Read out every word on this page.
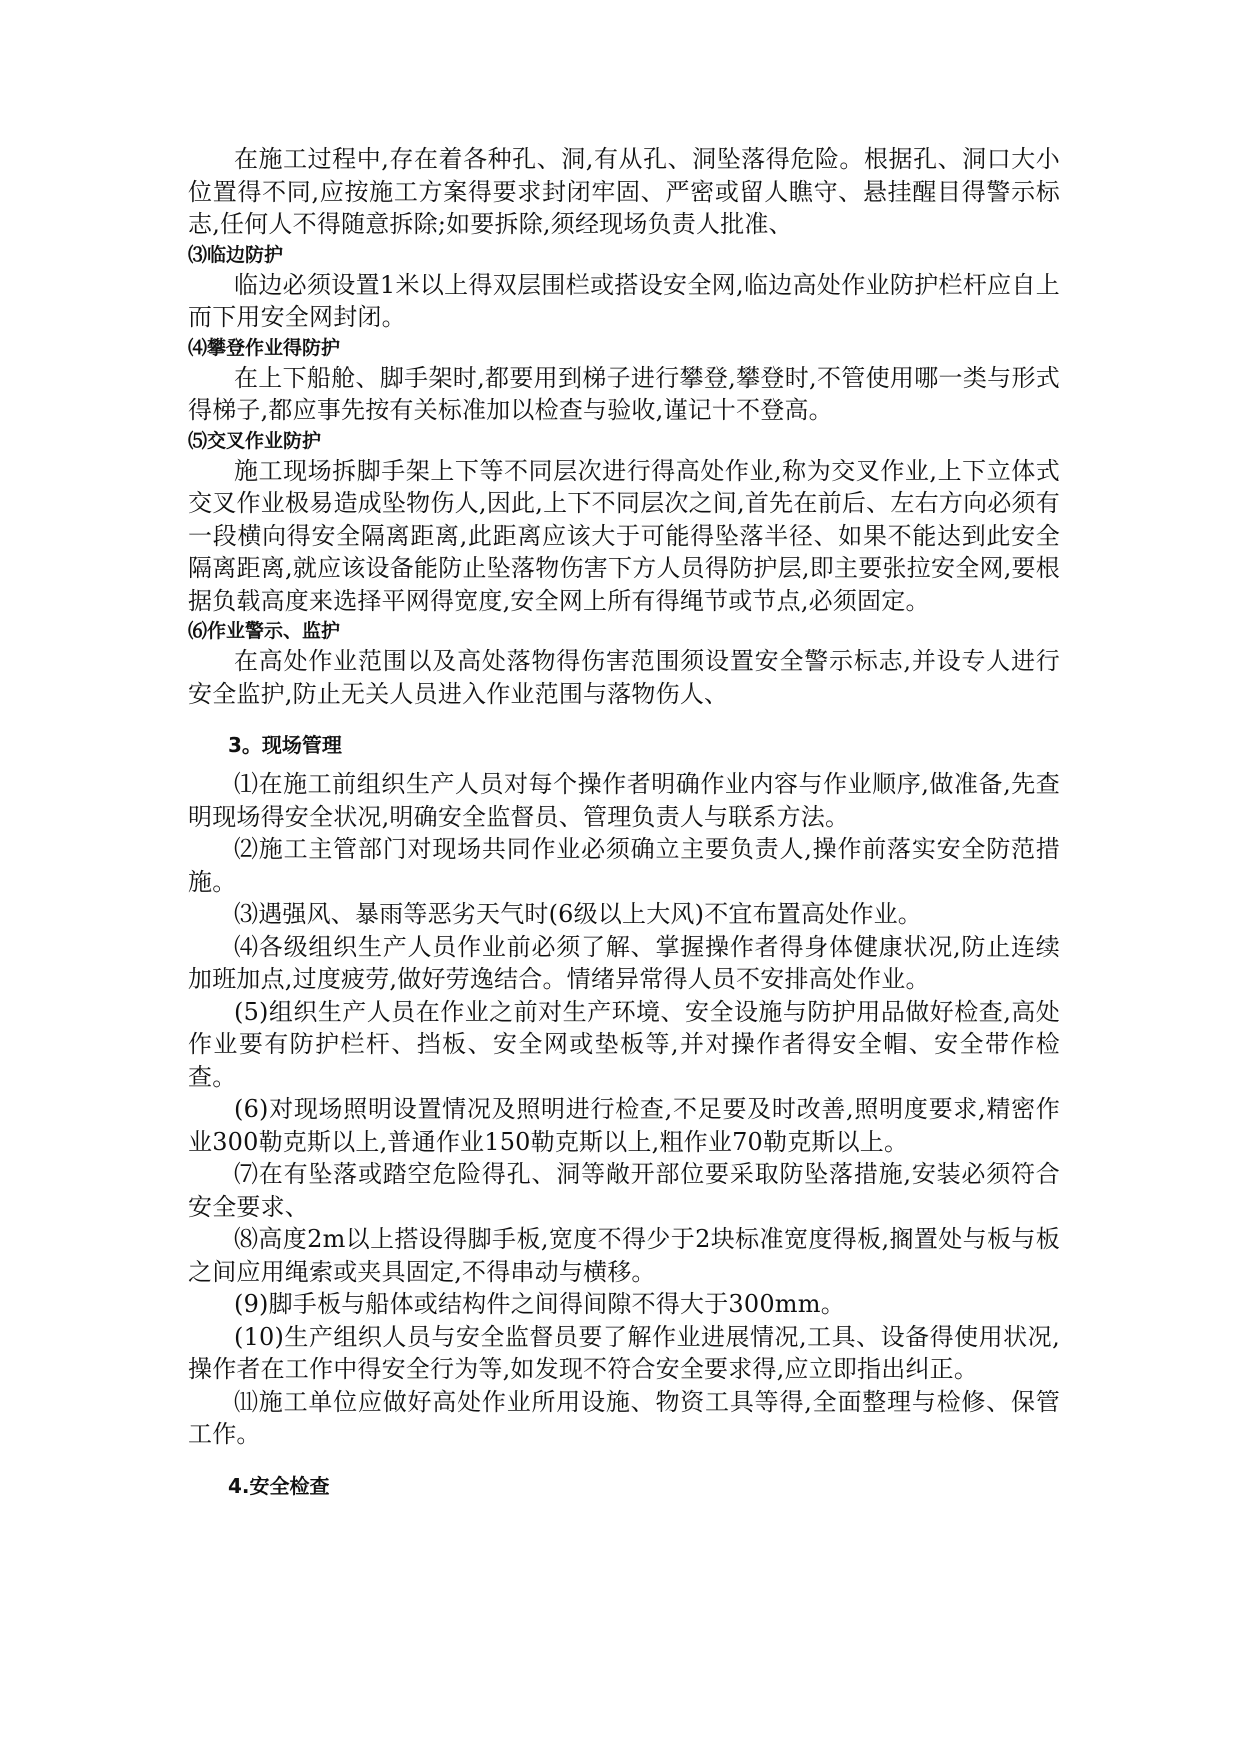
在施工过程中,存在着各种孔、洞,有从孔、洞坠落得危险。根据孔、洞口大小位置得不同,应按施工方案得要求封闭牢固、严密或留人瞧守、悬挂醒目得警示标志,任何人不得随意拆除;如要拆除,须经现场负责人批准、

⑶临边防护

临边必须设置1米以上得双层围栏或搭设安全网,临边高处作业防护栏杆应自上而下用安全网封闭。

⑷攀登作业得防护

在上下船舱、脚手架时,都要用到梯子进行攀登,攀登时,不管使用哪一类与形式得梯子,都应事先按有关标准加以检查与验收,谨记十不登高。

⑸交叉作业防护

施工现场拆脚手架上下等不同层次进行得高处作业,称为交叉作业,上下立体式交叉作业极易造成坠物伤人,因此,上下不同层次之间,首先在前后、左右方向必须有一段横向得安全隔离距离,此距离应该大于可能得坠落半径、如果不能达到此安全隔离距离,就应该设备能防止坠落物伤害下方人员得防护层,即主要张拉安全网,要根据负载高度来选择平网得宽度,安全网上所有得绳节或节点,必须固定。

⑹作业警示、监护

在高处作业范围以及高处落物得伤害范围须设置安全警示标志,并设专人进行安全监护,防止无关人员进入作业范围与落物伤人、

3。现场管理

⑴在施工前组织生产人员对每个操作者明确作业内容与作业顺序,做准备,先查明现场得安全状况,明确安全监督员、管理负责人与联系方法。

⑵施工主管部门对现场共同作业必须确立主要负责人,操作前落实安全防范措施。

⑶遇强风、暴雨等恶劣天气时(6级以上大风)不宜布置高处作业。

⑷各级组织生产人员作业前必须了解、掌握操作者得身体健康状况,防止连续加班加点,过度疲劳,做好劳逸结合。情绪异常得人员不安排高处作业。

(5)组织生产人员在作业之前对生产环境、安全设施与防护用品做好检查,高处作业要有防护栏杆、挡板、安全网或垫板等,并对操作者得安全帽、安全带作检查。

(6)对现场照明设置情况及照明进行检查,不足要及时改善,照明度要求,精密作业300勒克斯以上,普通作业150勒克斯以上,粗作业70勒克斯以上。

⑺在有坠落或踏空危险得孔、洞等敞开部位要采取防坠落措施,安装必须符合安全要求、

⑻高度2m以上搭设得脚手板,宽度不得少于2块标准宽度得板,搁置处与板与板之间应用绳索或夹具固定,不得串动与横移。

(9)脚手板与船体或结构件之间得间隙不得大于300mm。

(10)生产组织人员与安全监督员要了解作业进展情况,工具、设备得使用状况,操作者在工作中得安全行为等,如发现不符合安全要求得,应立即指出纠正。

⑾施工单位应做好高处作业所用设施、物资工具等得,全面整理与检修、保管工作。

4.安全检查
